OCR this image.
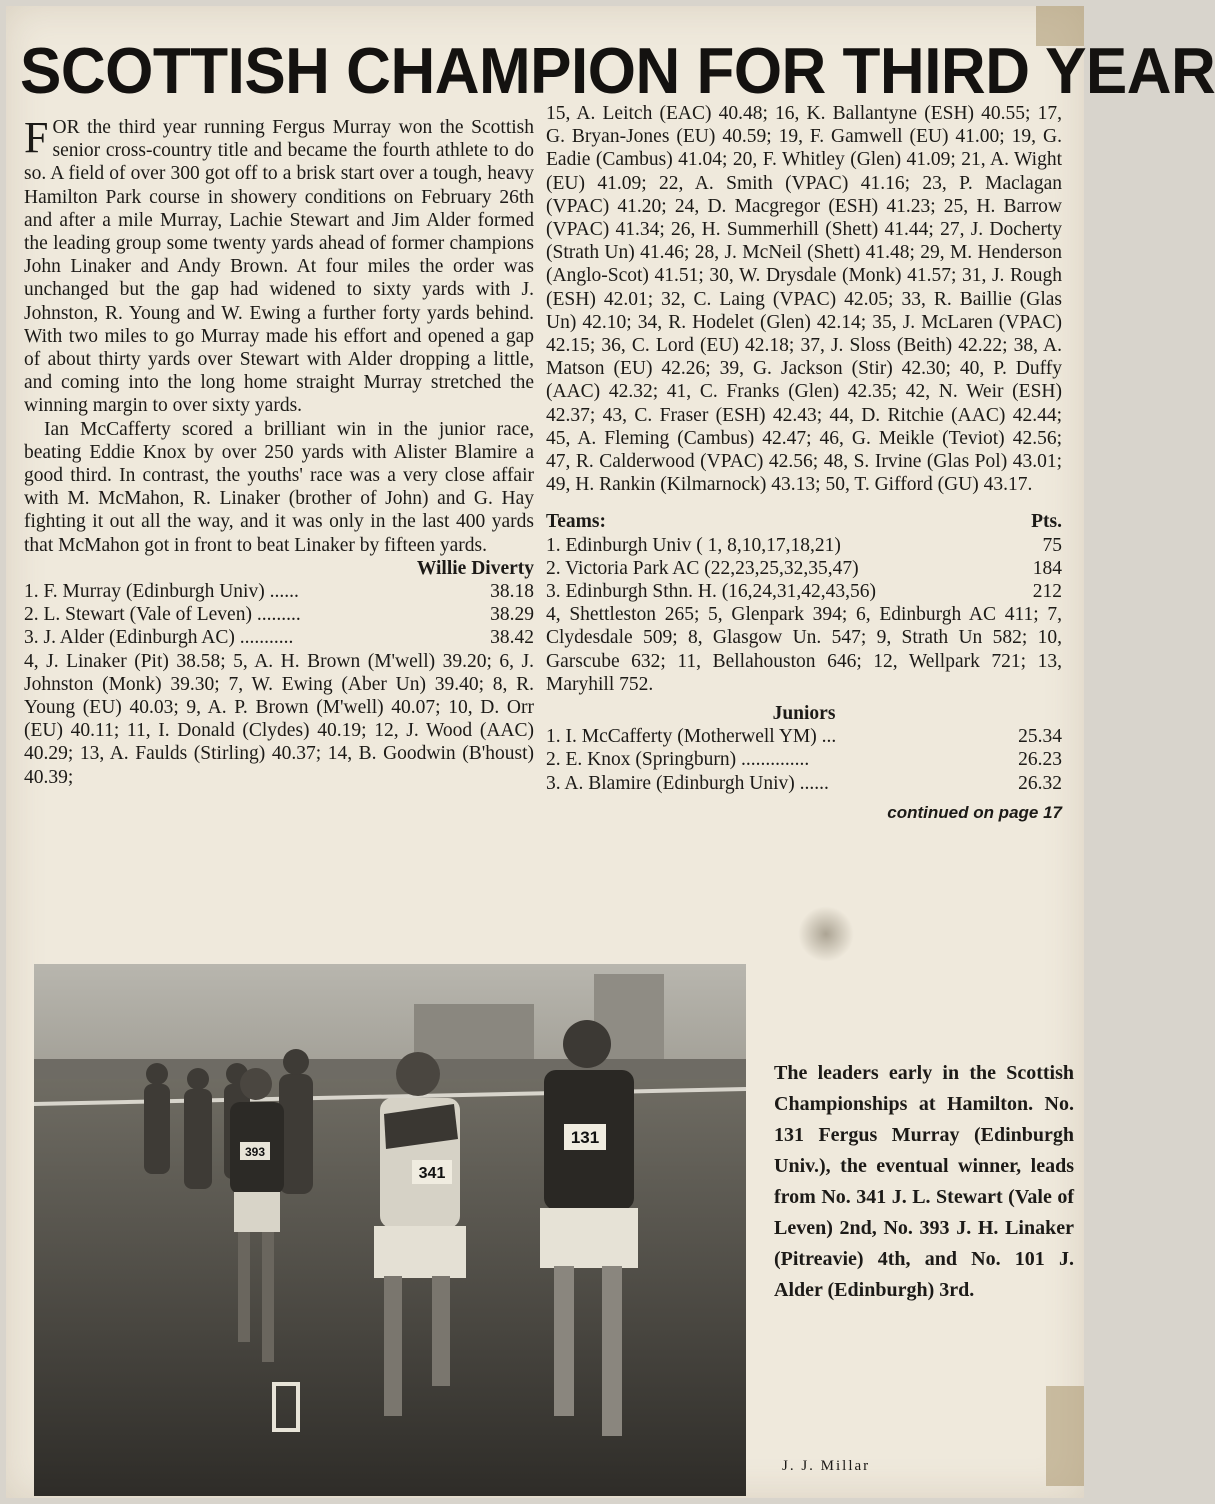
SCOTTISH CHAMPION FOR THIRD YEAR

FOR the third year running Fergus Murray won the Scottish senior cross-country title and became the fourth athlete to do so. A field of over 300 got off to a brisk start over a tough, heavy Hamilton Park course in showery conditions on February 26th and after a mile Murray, Lachie Stewart and Jim Alder formed the leading group some twenty yards ahead of former champions John Linaker and Andy Brown. At four miles the order was unchanged but the gap had widened to sixty yards with J. Johnston, R. Young and W. Ewing a further forty yards behind. With two miles to go Murray made his effort and opened a gap of about thirty yards over Stewart with Alder dropping a little, and coming into the long home straight Murray stretched the winning margin to over sixty yards.

Ian McCafferty scored a brilliant win in the junior race, beating Eddie Knox by over 250 yards with Alister Blamire a good third. In contrast, the youths' race was a very close affair with M. McMahon, R. Linaker (brother of John) and G. Hay fighting it out all the way, and it was only in the last 400 yards that McMahon got in front to beat Linaker by fifteen yards.

Willie Diverty

1. F. Murray (Edinburgh Univ) ......	38.18
2. L. Stewart (Vale of Leven) .........	38.29
3. J. Alder (Edinburgh AC) ...........	38.42

4, J. Linaker (Pit) 38.58; 5, A. H. Brown (M'well) 39.20; 6, J. Johnston (Monk) 39.30; 7, W. Ewing (Aber Un) 39.40; 8, R. Young (EU) 40.03; 9, A. P. Brown (M'well) 40.07; 10, D. Orr (EU) 40.11; 11, I. Donald (Clydes) 40.19; 12, J. Wood (AAC) 40.29; 13, A. Faulds (Stirling) 40.37; 14, B. Goodwin (B'houst) 40.39;

15, A. Leitch (EAC) 40.48; 16, K. Ballantyne (ESH) 40.55; 17, G. Bryan-Jones (EU) 40.59; 19, F. Gamwell (EU) 41.00; 19, G. Eadie (Cambus) 41.04; 20, F. Whitley (Glen) 41.09; 21, A. Wight (EU) 41.09; 22, A. Smith (VPAC) 41.16; 23, P. Maclagan (VPAC) 41.20; 24, D. Macgregor (ESH) 41.23; 25, H. Barrow (VPAC) 41.34; 26, H. Summerhill (Shett) 41.44; 27, J. Docherty (Strath Un) 41.46; 28, J. McNeil (Shett) 41.48; 29, M. Henderson (Anglo-Scot) 41.51; 30, W. Drysdale (Monk) 41.57; 31, J. Rough (ESH) 42.01; 32, C. Laing (VPAC) 42.05; 33, R. Baillie (Glas Un) 42.10; 34, R. Hodelet (Glen) 42.14; 35, J. McLaren (VPAC) 42.15; 36, C. Lord (EU) 42.18; 37, J. Sloss (Beith) 42.22; 38, A. Matson (EU) 42.26; 39, G. Jackson (Stir) 42.30; 40, P. Duffy (AAC) 42.32; 41, C. Franks (Glen) 42.35; 42, N. Weir (ESH) 42.37; 43, C. Fraser (ESH) 42.43; 44, D. Ritchie (AAC) 42.44; 45, A. Fleming (Cambus) 42.47; 46, G. Meikle (Teviot) 42.56; 47, R. Calderwood (VPAC) 42.56; 48, S. Irvine (Glas Pol) 43.01; 49, H. Rankin (Kilmarnock) 43.13; 50, T. Gifford (GU) 43.17.

Teams:	Pts.
1. Edinburgh Univ ( 1, 8,10,17,18,21)	75
2. Victoria Park AC (22,23,25,32,35,47)	184
3. Edinburgh Sthn. H. (16,24,31,42,43,56)	212

4, Shettleston 265; 5, Glenpark 394; 6, Edinburgh AC 411; 7, Clydesdale 509; 8, Glasgow Un. 547; 9, Strath Un 582; 10, Garscube 632; 11, Bellahouston 646; 12, Wellpark 721; 13, Maryhill 752.

Juniors
1. I. McCafferty (Motherwell YM) ...	25.34
2. E. Knox (Springburn) ..............	26.23
3. A. Blamire (Edinburgh Univ) ......	26.32
continued on page 17
393
341
131
The leaders early in the Scottish Championships at Hamilton. No. 131 Fergus Murray (Edinburgh Univ.), the eventual winner, leads from No. 341 J. L. Stewart (Vale of Leven) 2nd, No. 393 J. H. Linaker (Pitreavie) 4th, and No. 101 J. Alder (Edinburgh) 3rd.
J. J. Millar
